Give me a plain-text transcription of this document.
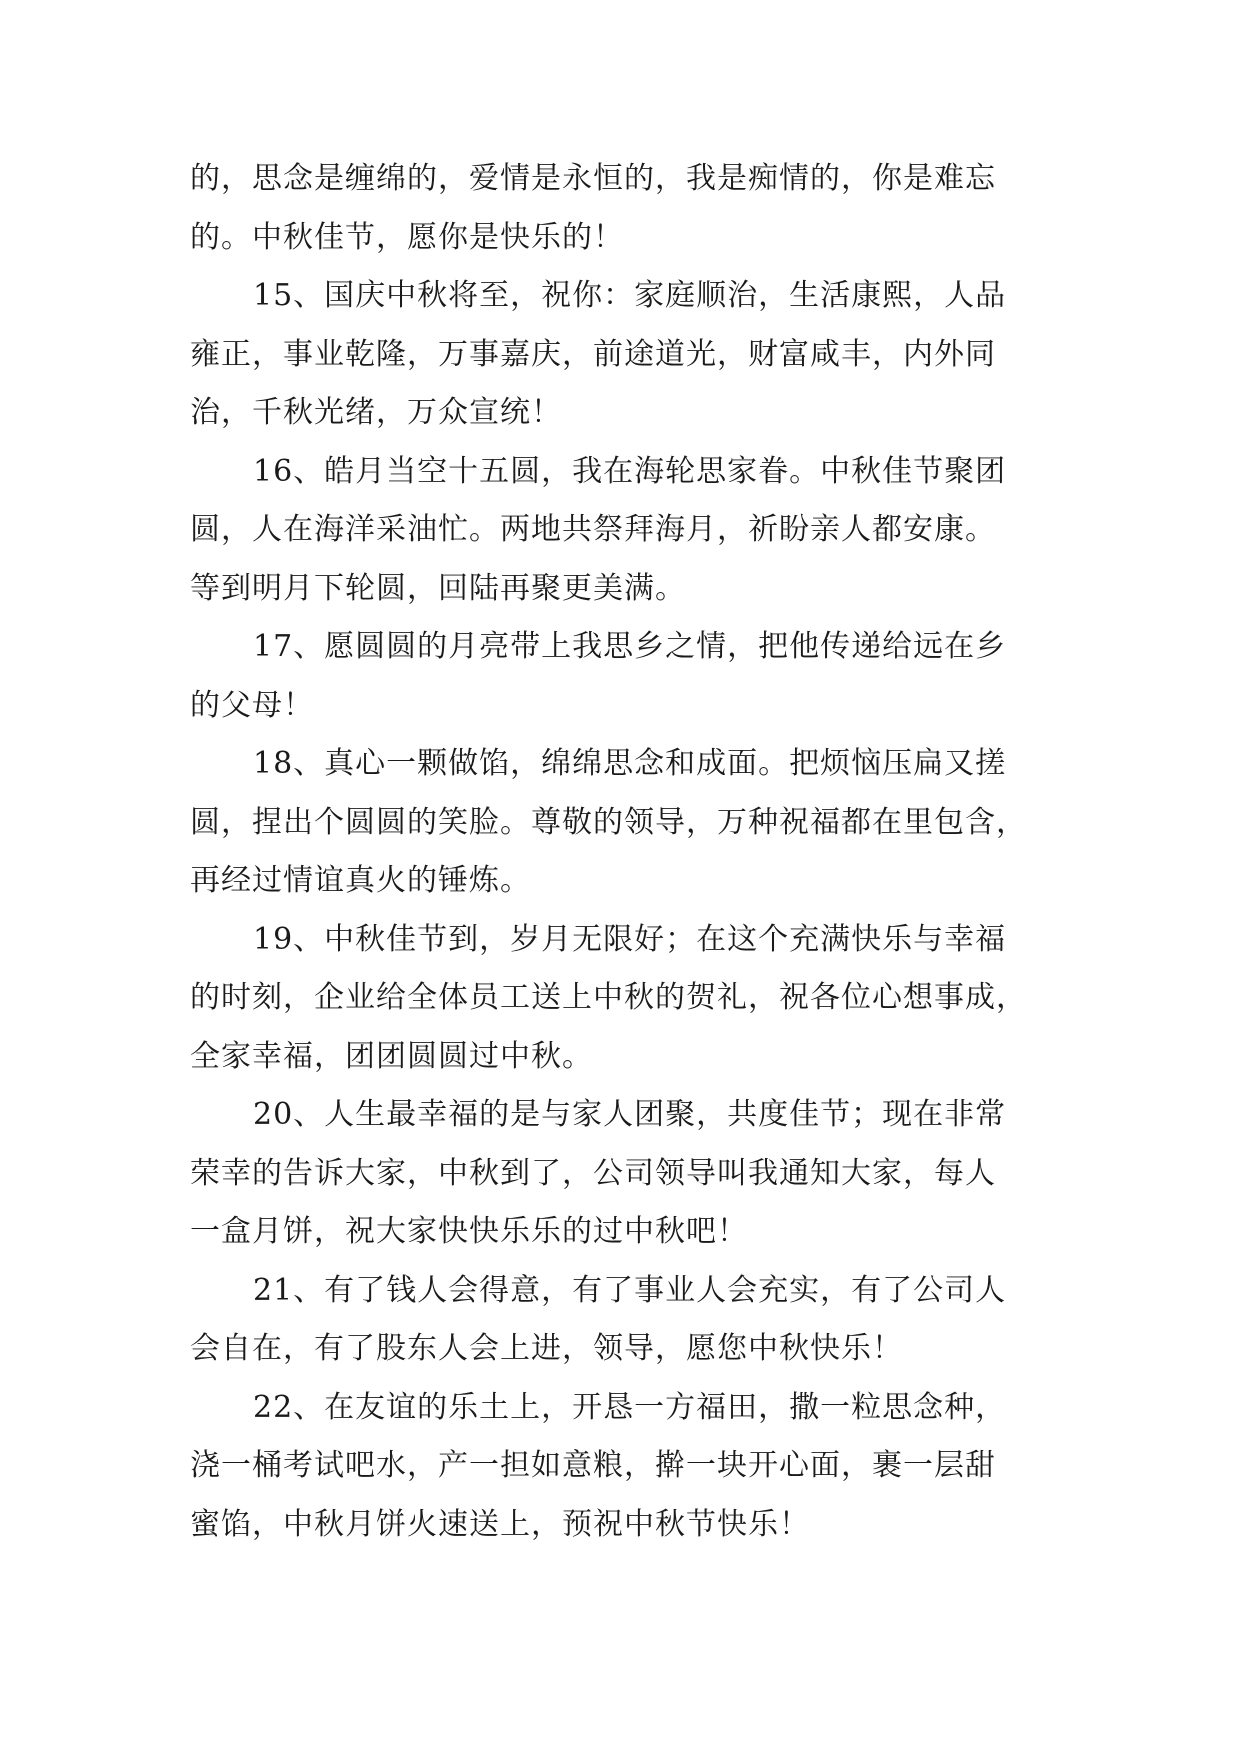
的，思念是缠绵的，爱情是永恒的，我是痴情的，你是难忘
的。中秋佳节，愿你是快乐的！
15、国庆中秋将至，祝你：家庭顺治，生活康熙，人品
雍正，事业乾隆，万事嘉庆，前途道光，财富咸丰，内外同
治，千秋光绪，万众宣统！
16、皓月当空十五圆，我在海轮思家眷。中秋佳节聚团
圆，人在海洋采油忙。两地共祭拜海月，祈盼亲人都安康。
等到明月下轮圆，回陆再聚更美满。
17、愿圆圆的月亮带上我思乡之情，把他传递给远在乡
的父母！
18、真心一颗做馅，绵绵思念和成面。把烦恼压扁又搓
圆，捏出个圆圆的笑脸。尊敬的领导，万种祝福都在里包含，
再经过情谊真火的锤炼。
19、中秋佳节到，岁月无限好；在这个充满快乐与幸福
的时刻，企业给全体员工送上中秋的贺礼，祝各位心想事成，
全家幸福，团团圆圆过中秋。
20、人生最幸福的是与家人团聚，共度佳节；现在非常
荣幸的告诉大家，中秋到了，公司领导叫我通知大家，每人
一盒月饼，祝大家快快乐乐的过中秋吧！
21、有了钱人会得意，有了事业人会充实，有了公司人
会自在，有了股东人会上进，领导，愿您中秋快乐！
22、在友谊的乐土上，开恳一方福田，撒一粒思念种，
浇一桶考试吧水，产一担如意粮，擀一块开心面，裹一层甜
蜜馅，中秋月饼火速送上，预祝中秋节快乐！
